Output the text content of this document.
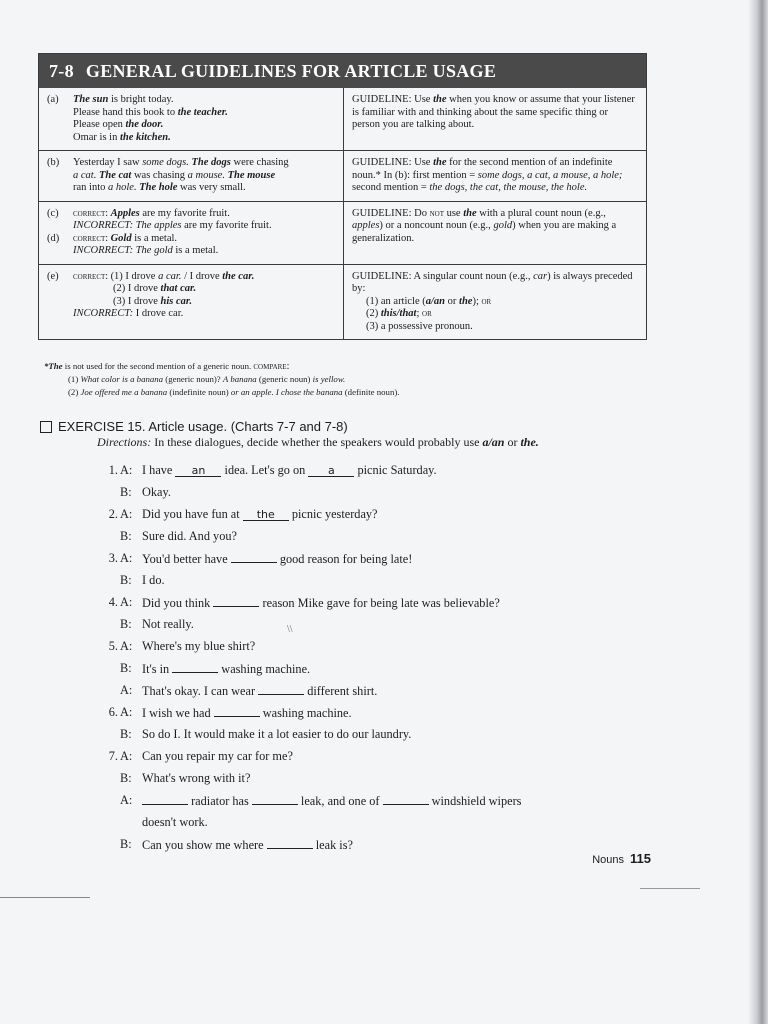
7-8 GENERAL GUIDELINES FOR ARTICLE USAGE
(a)	The sun is bright today.
Please hand this book to the teacher.
Please open the door.
Omar is in the kitchen.
GUIDELINE: Use the when you know or assume that your listener is familiar with and thinking about the same specific thing or person you are talking about.
(b)	Yesterday I saw some dogs. The dogs were chasing
a cat. The cat was chasing a mouse. The mouse
ran into a hole. The hole was very small.
GUIDELINE: Use the for the second mention of an indefinite noun.* In (b): first mention = some dogs, a cat, a mouse, a hole; second mention = the dogs, the cat, the mouse, the hole.
(c)	correct: Apples are my favorite fruit.
INCORRECT: The apples are my favorite fruit.
(d)	correct: Gold is a metal.
INCORRECT: The gold is a metal.
GUIDELINE: Do not use the with a plural count noun (e.g., apples) or a noncount noun (e.g., gold) when you are making a generalization.
(e)	correct: (1) I drove a car. / I drove the car.
(2) I drove that car.
(3) I drove his car.
INCORRECT: I drove car.
GUIDELINE: A singular count noun (e.g., car) is always preceded by:
(1) an article (a/an or the); or
(2) this/that; or
(3) a possessive pronoun.
*The is not used for the second mention of a generic noun. compare:
(1) What color is a banana (generic noun)? A banana (generic noun) is yellow.
(2) Joe offered me a banana (indefinite noun) or an apple. I chose the banana (definite noun).
EXERCISE 15. Article usage. (Charts 7-7 and 7-8)
Directions: In these dialogues, decide whether the speakers would probably use a/an or the.
1. A: I have an idea. Let's go on a picnic Saturday.
B: Okay.
2. A: Did you have fun at the picnic yesterday?
B: Sure did. And you?
3. A: You'd better have	good reason for being late!
B: I do.
4. A: Did you think	reason Mike gave for being late was believable?
B: Not really.
5. A: Where's my blue shirt?
B: It's in	washing machine.
A: That's okay. I can wear	different shirt.
6. A: I wish we had	washing machine.
B: So do I. It would make it a lot easier to do our laundry.
7. A: Can you repair my car for me?
B: What's wrong with it?
A:	radiator has	leak, and one of	windshield wipers
doesn't work.
B: Can you show me where	leak is?
\\
Nouns 115
